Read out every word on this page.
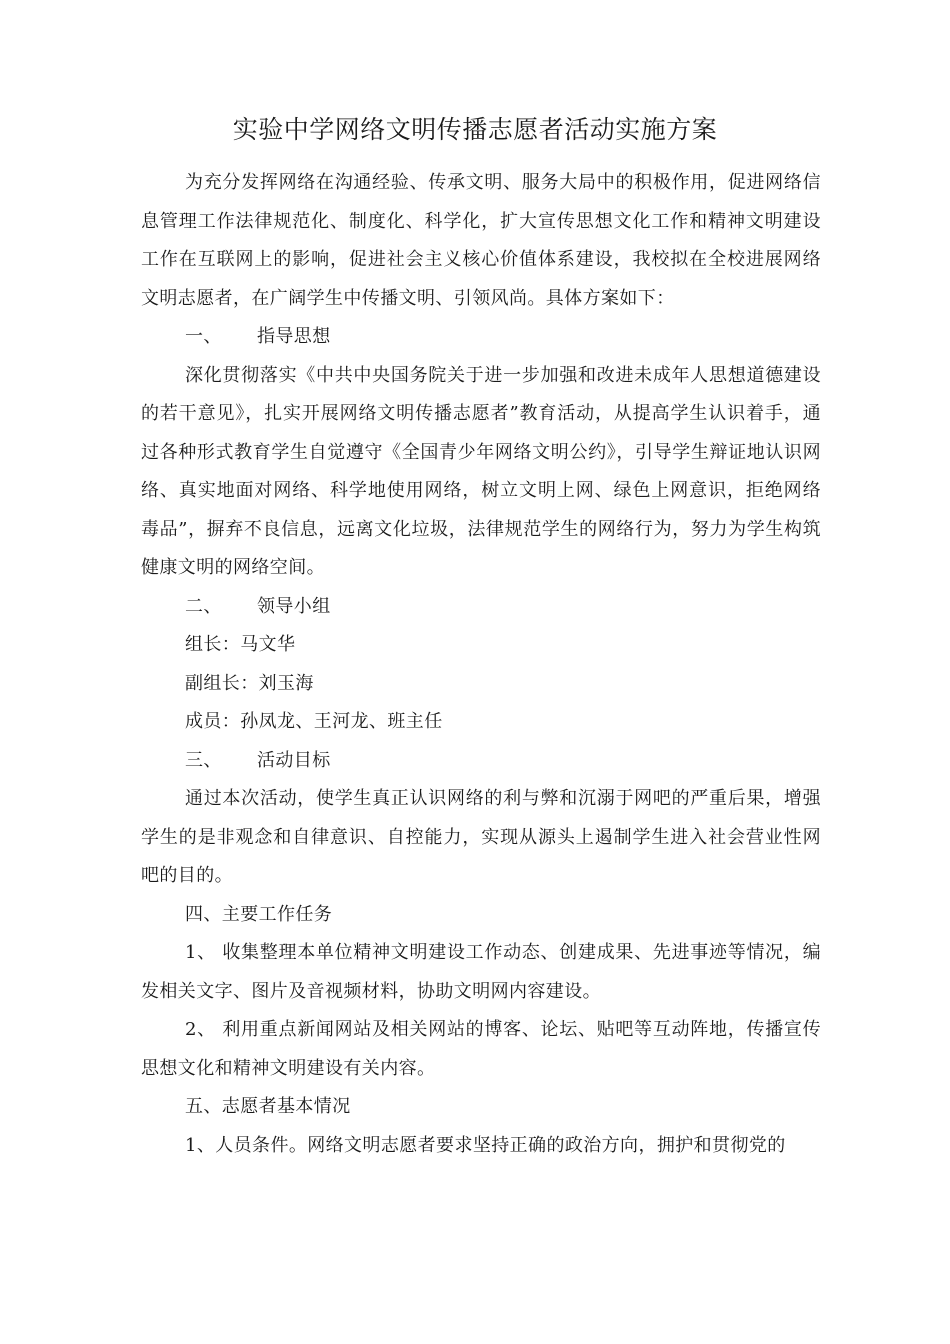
实验中学网络文明传播志愿者活动实施方案

为充分发挥网络在沟通经验、传承文明、服务大局中的积极作用，促进网络信息管理工作法律规范化、制度化、科学化，扩大宣传思想文化工作和精神文明建设工作在互联网上的影响，促进社会主义核心价值体系建设，我校拟在全校进展网络文明志愿者，在广阔学生中传播文明、引领风尚。具体方案如下：

一、 指导思想

深化贯彻落实《中共中央国务院关于进一步加强和改进未成年人思想道德建设的若干意见》，扎实开展网络文明传播志愿者”教育活动，从提高学生认识着手，通过各种形式教育学生自觉遵守《全国青少年网络文明公约》，引导学生辩证地认识网络、真实地面对网络、科学地使用网络，树立文明上网、绿色上网意识，拒绝网络毒品”，摒弃不良信息，远离文化垃圾，法律规范学生的网络行为，努力为学生构筑健康文明的网络空间。

二、 领导小组

组长：马文华

副组长：刘玉海

成员：孙凤龙、王河龙、班主任

三、 活动目标

通过本次活动，使学生真正认识网络的利与弊和沉溺于网吧的严重后果，增强学生的是非观念和自律意识、自控能力，实现从源头上遏制学生进入社会营业性网吧的目的。

四、主要工作任务

1、 收集整理本单位精神文明建设工作动态、创建成果、先进事迹等情况，编发相关文字、图片及音视频材料，协助文明网内容建设。

2、 利用重点新闻网站及相关网站的博客、论坛、贴吧等互动阵地，传播宣传思想文化和精神文明建设有关内容。

五、志愿者基本情况

1、人员条件。网络文明志愿者要求坚持正确的政治方向，拥护和贯彻党的
